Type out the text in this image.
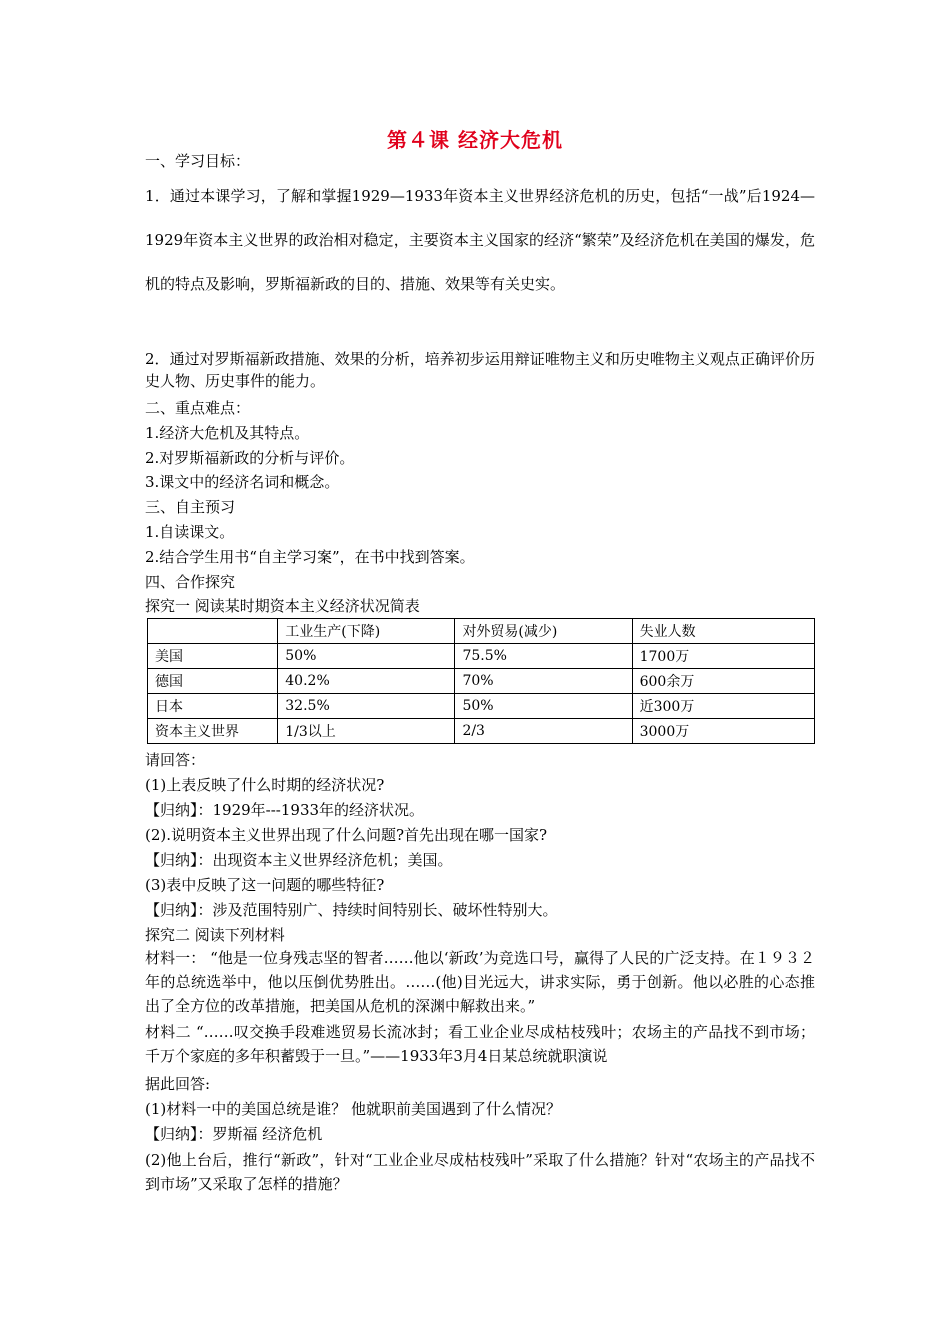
第４课 经济大危机
一、学习目标：
1．通过本课学习，了解和掌握1929—1933年资本主义世界经济危机的历史，包括“一战”后1924—1929年资本主义世界的政治相对稳定，主要资本主义国家的经济“繁荣”及经济危机在美国的爆发，危机的特点及影响，罗斯福新政的目的、措施、效果等有关史实。
2．通过对罗斯福新政措施、效果的分析，培养初步运用辩证唯物主义和历史唯物主义观点正确评价历史人物、历史事件的能力。
二、重点难点：
1.经济大危机及其特点。
2.对罗斯福新政的分析与评价。
3.课文中的经济名词和概念。
三、自主预习
1.自读课文。
2.结合学生用书“自主学习案”，在书中找到答案。
四、合作探究
探究一 阅读某时期资本主义经济状况简表
	工业生产(下降)	对外贸易(减少)	失业人数
美国	50%	75.5%	1700万
德国	40.2%	70%	600余万
日本	32.5%	50%	近300万
资本主义世界	1/3以上	2/3	3000万
请回答：
(1)上表反映了什么时期的经济状况?
【归纳】：1929年---1933年的经济状况。
(2).说明资本主义世界出现了什么问题?首先出现在哪一国家?
【归纳】：出现资本主义世界经济危机；美国。
(3)表中反映了这一问题的哪些特征?
【归纳】：涉及范围特别广、持续时间特别长、破坏性特别大。
探究二 阅读下列材料
材料一： “他是一位身残志坚的智者……他以‘新政’为竞选口号，赢得了人民的广泛支持。在１９３２年的总统选举中，他以压倒优势胜出。……(他)目光远大，讲求实际，勇于创新。他以必胜的心态推出了全方位的改革措施，把美国从危机的深渊中解救出来。”
材料二 “……叹交换手段难逃贸易长流冰封；看工业企业尽成枯枝残叶；农场主的产品找不到市场；千万个家庭的多年积蓄毁于一旦。”——1933年3月4日某总统就职演说
据此回答:
(1)材料一中的美国总统是谁？ 他就职前美国遇到了什么情况？
【归纳】：罗斯福 经济危机
(2)他上台后，推行“新政”，针对“工业企业尽成枯枝残叶”采取了什么措施？针对“农场主的产品找不到市场”又采取了怎样的措施？
